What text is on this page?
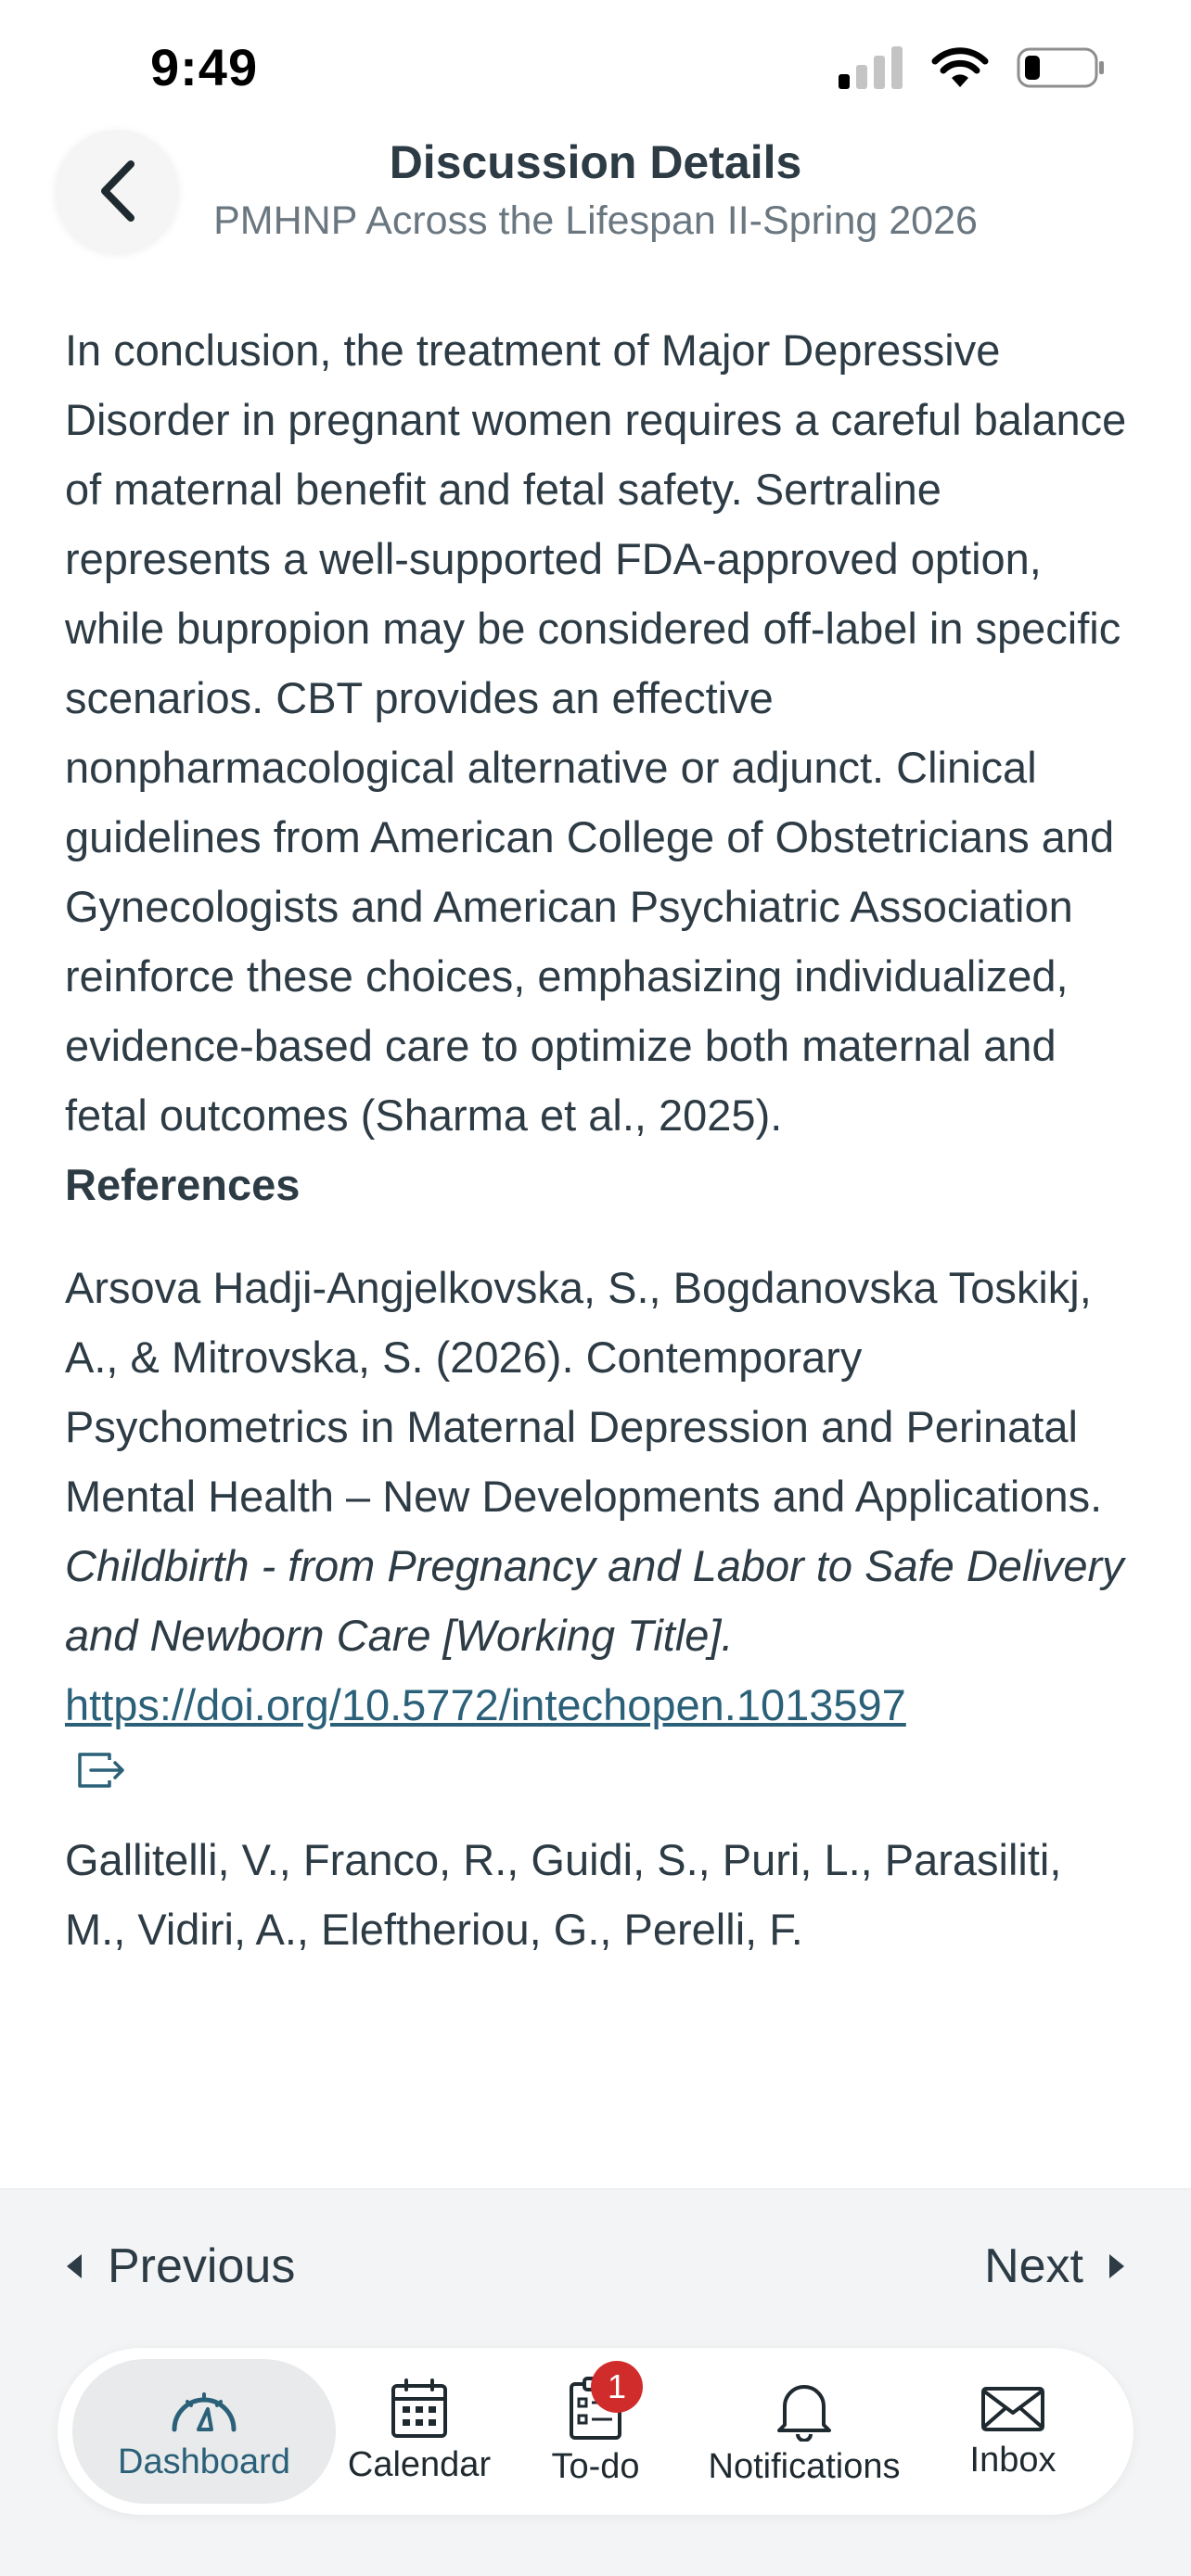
9:49
Discussion Details
PMHNP Across the Lifespan II-Spring 2026

In conclusion, the treatment of Major Depressive Disorder in pregnant women requires a careful balance of maternal benefit and fetal safety. Sertraline represents a well-supported FDA-approved option, while bupropion may be considered off-label in specific scenarios. CBT provides an effective nonpharmacological alternative or adjunct. Clinical guidelines from American College of Obstetricians and Gynecologists and American Psychiatric Association reinforce these choices, emphasizing individualized, evidence-based care to optimize both maternal and fetal outcomes (Sharma et al., 2025).

References

Arsova Hadji-Angjelkovska, S., Bogdanovska Toskikj, A., & Mitrovska, S. (2026). Contemporary Psychometrics in Maternal Depression and Perinatal Mental Health – New Developments and Applications. Childbirth - from Pregnancy and Labor to Safe Delivery and Newborn Care [Working Title].
https://doi.org/10.5772/intechopen.1013597

Gallitelli, V., Franco, R., Guidi, S., Puri, L., Parasiliti, M., Vidiri, A., Eleftheriou, G., Perelli, F.

Previous	Next
Dashboard Calendar To-do
1
Notifications Inbox
